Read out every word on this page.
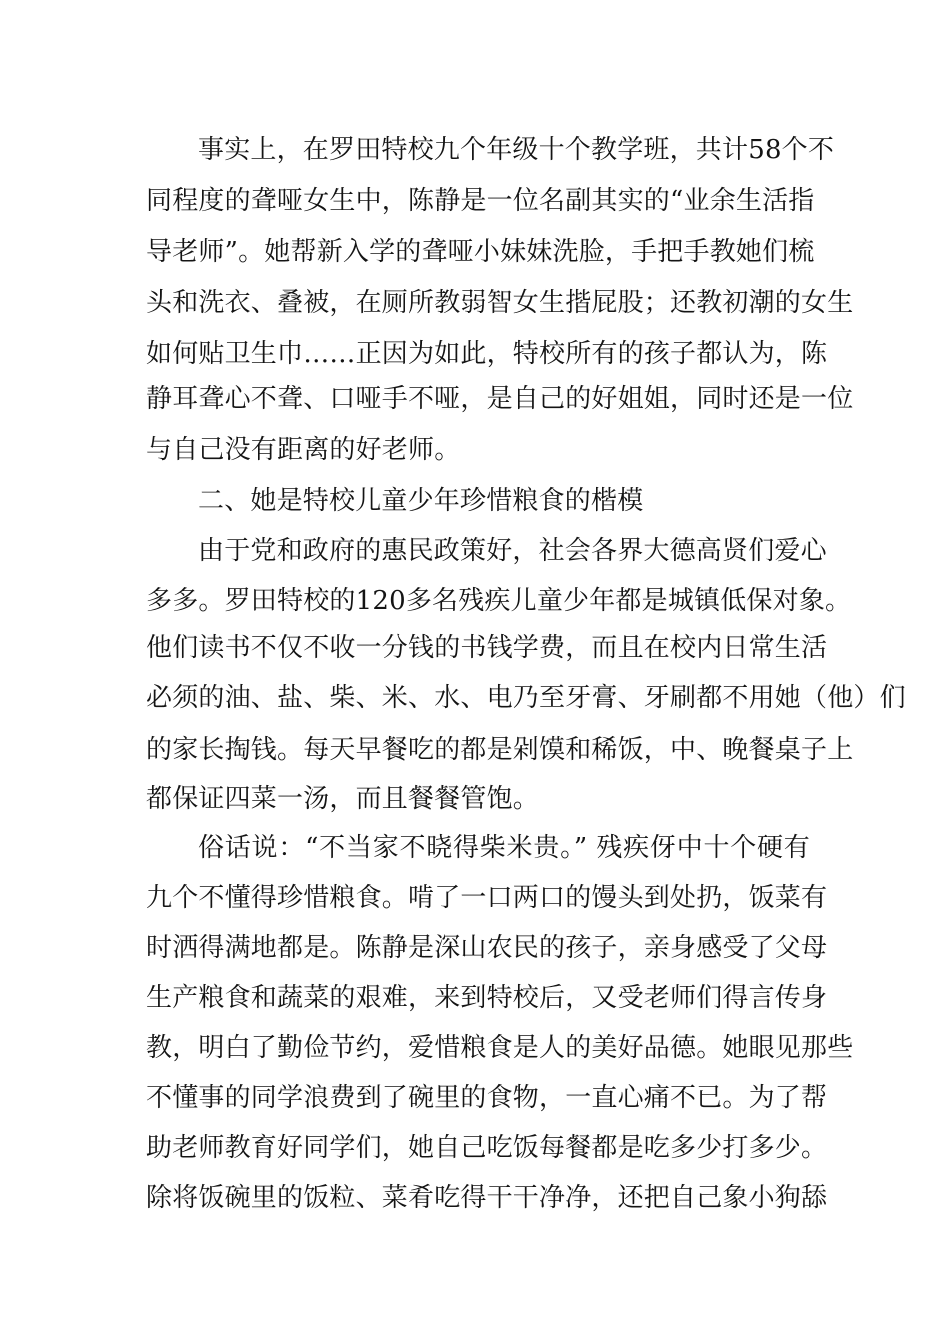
事实上，在罗田特校九个年级十个教学班，共计58个不
同程度的聋哑女生中，陈静是一位名副其实的“业余生活指
导老师”。她帮新入学的聋哑小妹妹洗脸，手把手教她们梳
头和洗衣、叠被，在厕所教弱智女生揩屁股；还教初潮的女生
如何贴卫生巾……正因为如此，特校所有的孩子都认为，陈
静耳聋心不聋、口哑手不哑，是自己的好姐姐，同时还是一位
与自己没有距离的好老师。
二、她是特校儿童少年珍惜粮食的楷模
由于党和政府的惠民政策好，社会各界大德高贤们爱心
多多。罗田特校的120多名残疾儿童少年都是城镇低保对象。
他们读书不仅不收一分钱的书钱学费，而且在校内日常生活
必须的油、盐、柴、米、水、电乃至牙膏、牙刷都不用她（他）们
的家长掏钱。每天早餐吃的都是剁馍和稀饭，中、晚餐桌子上
都保证四菜一汤，而且餐餐管饱。
俗话说：“不当家不晓得柴米贵。” 残疾伢中十个硬有
九个不懂得珍惜粮食。啃了一口两口的馒头到处扔，饭菜有
时洒得满地都是。陈静是深山农民的孩子，亲身感受了父母
生产粮食和蔬菜的艰难，来到特校后，又受老师们得言传身
教，明白了勤俭节约，爱惜粮食是人的美好品德。她眼见那些
不懂事的同学浪费到了碗里的食物，一直心痛不已。为了帮
助老师教育好同学们，她自己吃饭每餐都是吃多少打多少。
除将饭碗里的饭粒、菜肴吃得干干净净，还把自己象小狗舔
